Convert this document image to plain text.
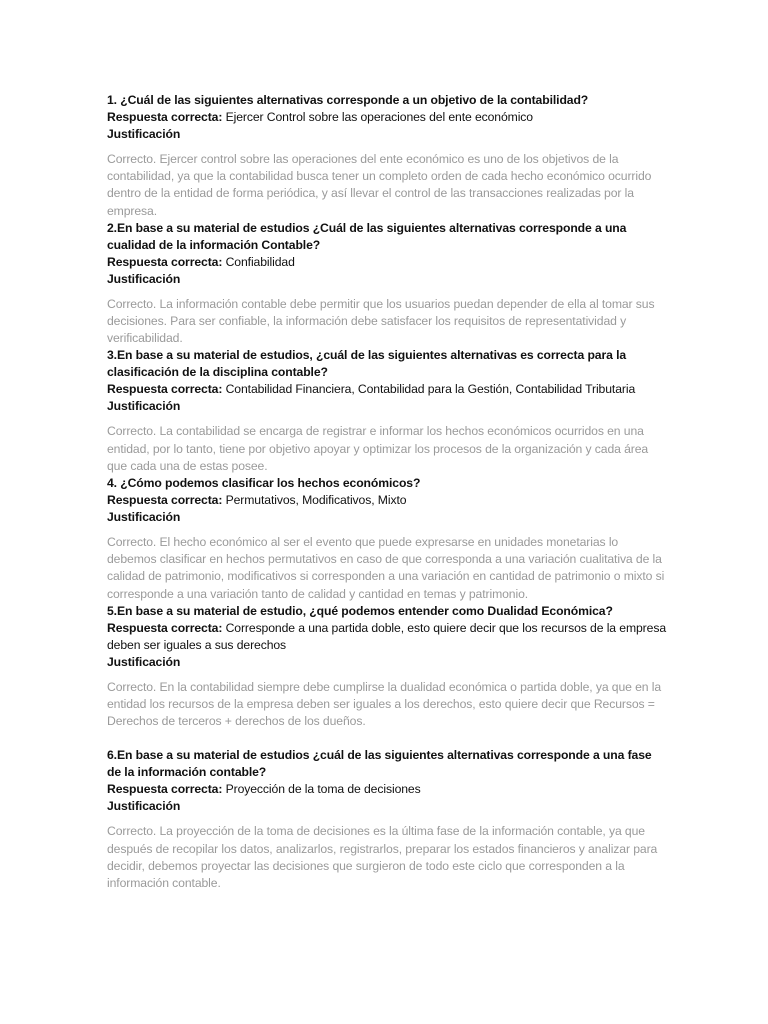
1. ¿Cuál de las siguientes alternativas corresponde a un objetivo de la contabilidad?
Respuesta correcta: Ejercer Control sobre las operaciones del ente económico
Justificación
Correcto. Ejercer control sobre las operaciones del ente económico es uno de los objetivos de la contabilidad, ya que la contabilidad busca tener un completo orden de cada hecho económico ocurrido dentro de la entidad de forma periódica, y así llevar el control de las transacciones realizadas por la empresa.
2.En base a su material de estudios ¿Cuál de las siguientes alternativas corresponde a una cualidad de la información Contable?
Respuesta correcta: Confiabilidad
Justificación
Correcto. La información contable debe permitir que los usuarios puedan depender de ella al tomar sus decisiones. Para ser confiable, la información debe satisfacer los requisitos de representatividad y verificabilidad.
3.En base a su material de estudios, ¿cuál de las siguientes alternativas es correcta para la clasificación de la disciplina contable?
Respuesta correcta: Contabilidad Financiera, Contabilidad para la Gestión, Contabilidad Tributaria
Justificación
Correcto. La contabilidad se encarga de registrar e informar los hechos económicos ocurridos en una entidad, por lo tanto, tiene por objetivo apoyar y optimizar los procesos de la organización y cada área que cada una de estas posee.
4. ¿Cómo podemos clasificar los hechos económicos?
Respuesta correcta: Permutativos, Modificativos, Mixto
Justificación
Correcto. El hecho económico al ser el evento que puede expresarse en unidades monetarias lo debemos clasificar en hechos permutativos en caso de que corresponda a una variación cualitativa de la calidad de patrimonio, modificativos si corresponden a una variación en cantidad de patrimonio o mixto si corresponde a una variación tanto de calidad y cantidad en temas y patrimonio.
5.En base a su material de estudio, ¿qué podemos entender como Dualidad Económica?
Respuesta correcta: Corresponde a una partida doble, esto quiere decir que los recursos de la empresa deben ser iguales a sus derechos
Justificación
Correcto. En la contabilidad siempre debe cumplirse la dualidad económica o partida doble, ya que en la entidad los recursos de la empresa deben ser iguales a los derechos, esto quiere decir que Recursos = Derechos de terceros + derechos de los dueños.
6.En base a su material de estudios ¿cuál de las siguientes alternativas corresponde a una fase de la información contable?
Respuesta correcta: Proyección de la toma de decisiones
Justificación
Correcto. La proyección de la toma de decisiones es la última fase de la información contable, ya que después de recopilar los datos, analizarlos, registrarlos, preparar los estados financieros y analizar para decidir, debemos proyectar las decisiones que surgieron de todo este ciclo que corresponden a la información contable.
